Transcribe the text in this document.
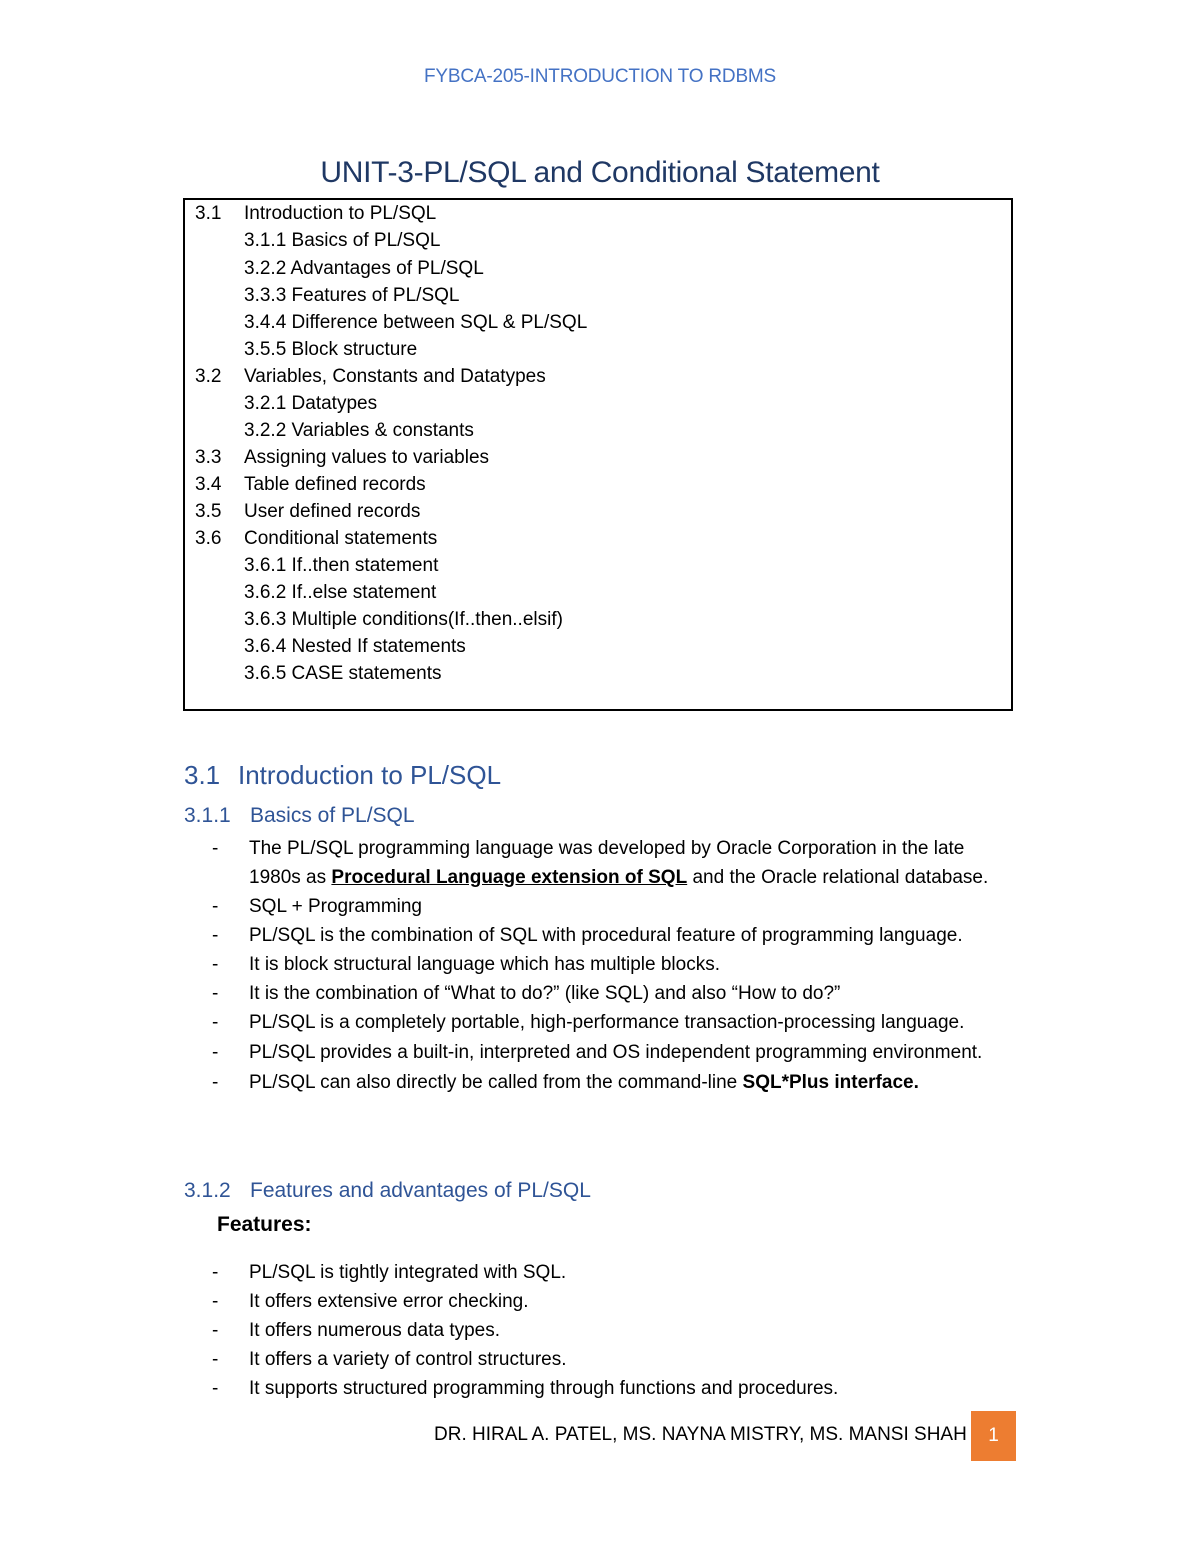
FYBCA-205-INTRODUCTION TO RDBMS
UNIT-3-PL/SQL and Conditional Statement
3.1 Introduction to PL/SQL
3.1.1 Basics of PL/SQL
3.2.2 Advantages of PL/SQL
3.3.3 Features of PL/SQL
3.4.4 Difference between SQL & PL/SQL
3.5.5 Block structure
3.2 Variables, Constants and Datatypes
3.2.1 Datatypes
3.2.2 Variables & constants
3.3 Assigning values to variables
3.4 Table defined records
3.5 User defined records
3.6 Conditional statements
3.6.1 If..then statement
3.6.2 If..else statement
3.6.3 Multiple conditions(If..then..elsif)
3.6.4 Nested If statements
3.6.5 CASE statements
3.1 Introduction to PL/SQL
3.1.1 Basics of PL/SQL
- The PL/SQL programming language was developed by Oracle Corporation in the late 1980s as Procedural Language extension of SQL and the Oracle relational database.
- SQL + Programming
- PL/SQL is the combination of SQL with procedural feature of programming language.
- It is block structural language which has multiple blocks.
- It is the combination of “What to do?” (like SQL) and also “How to do?”
- PL/SQL is a completely portable, high-performance transaction-processing language.
- PL/SQL provides a built-in, interpreted and OS independent programming environment.
- PL/SQL can also directly be called from the command-line SQL*Plus interface.
3.1.2 Features and advantages of PL/SQL
Features:
- PL/SQL is tightly integrated with SQL.
- It offers extensive error checking.
- It offers numerous data types.
- It offers a variety of control structures.
- It supports structured programming through functions and procedures.
DR. HIRAL A. PATEL, MS. NAYNA MISTRY, MS. MANSI SHAH	1
